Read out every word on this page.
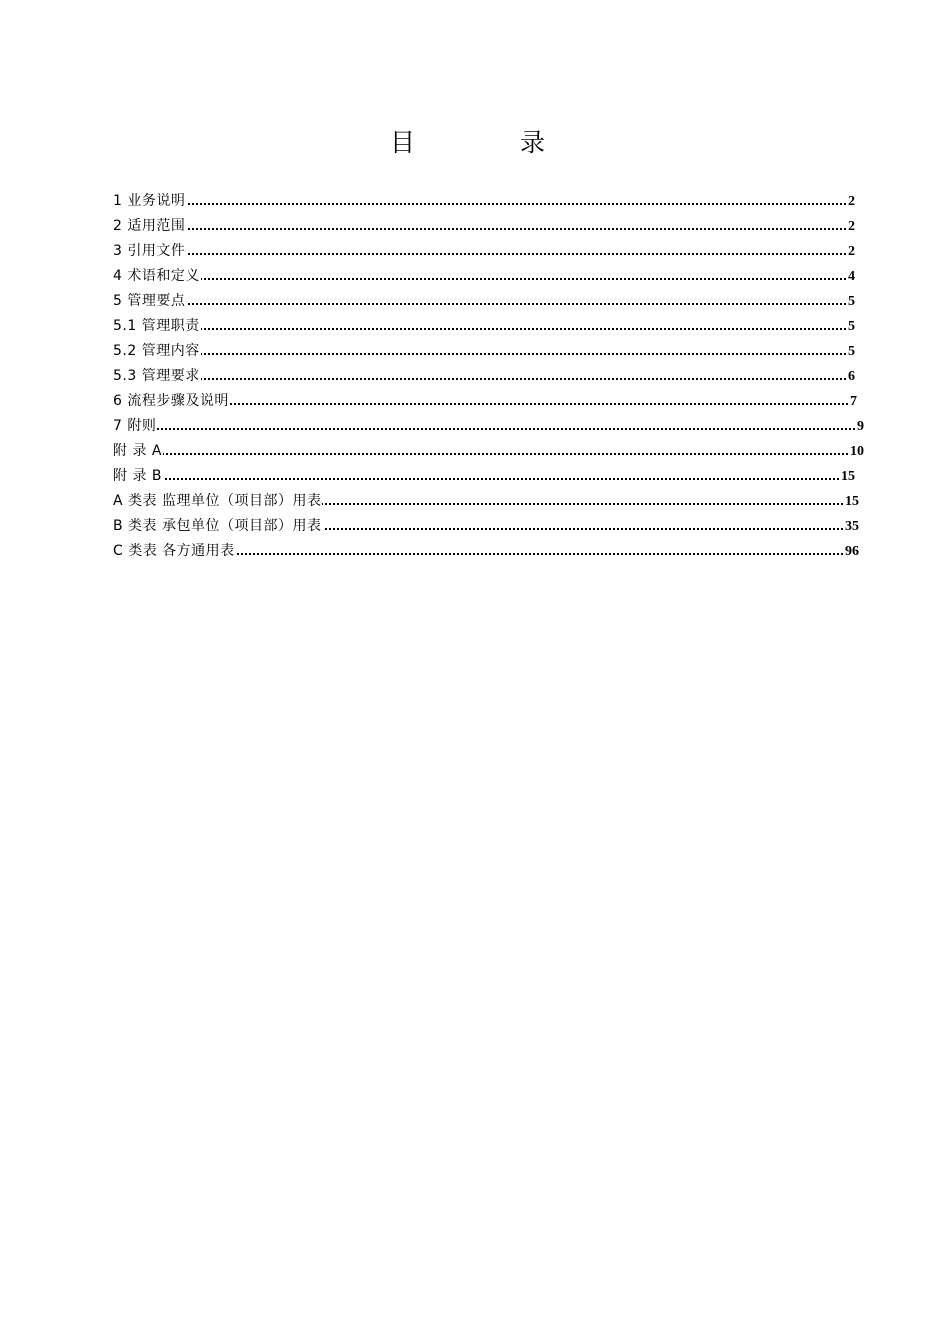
目　录
1 业务说明	2
2 适用范围	2
3 引用文件	2
4 术语和定义	4
5 管理要点	5
5.1 管理职责	5
5.2 管理内容	5
5.3 管理要求	6
6 流程步骤及说明	7
7 附则	9
附 录 A	10
附 录 B	15
A 类表 监理单位（项目部）用表	15
B 类表 承包单位（项目部）用表	35
C 类表 各方通用表	96
